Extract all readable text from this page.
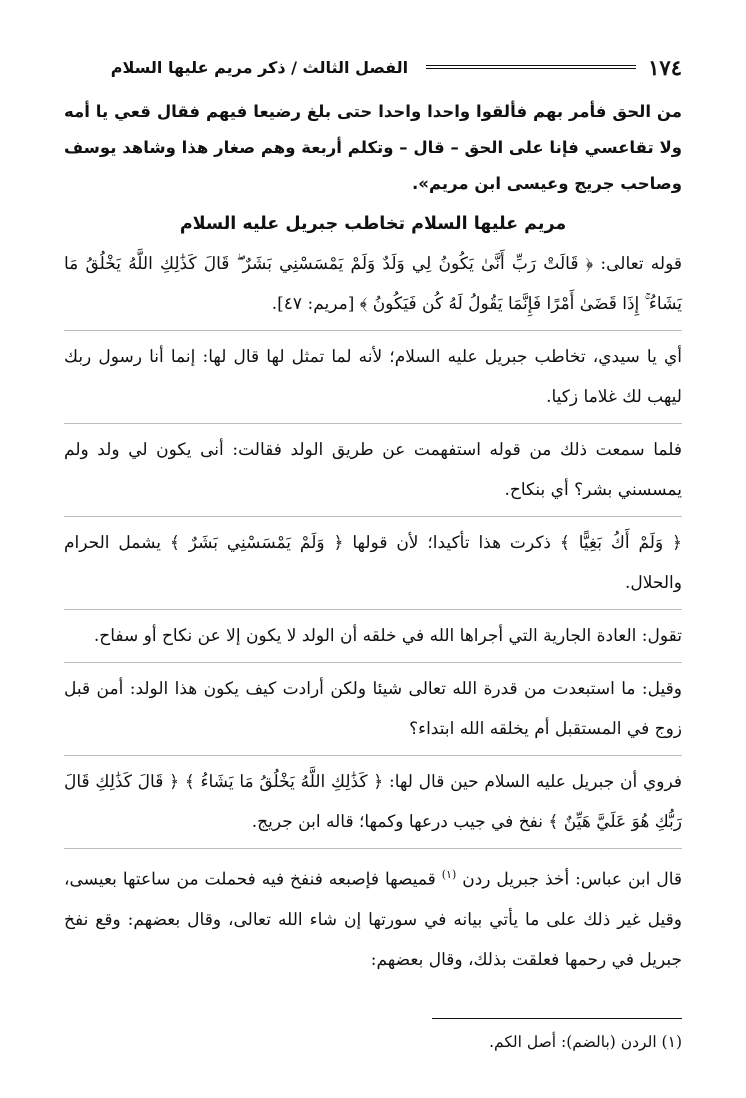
١٧٤
الفصل الثالث / ذكر مريم عليها السلام

من الحق فأمر بهم فألقوا واحدا واحدا حتى بلغ رضيعا فيهم فقال قعي يا أمه ولا تقاعسي فإنا على الحق – قال – وتكلم أربعة وهم صغار هذا وشاهد يوسف وصاحب جريج وعيسى ابن مريم».

مريم عليها السلام تخاطب جبريل عليه السلام

قوله تعالى: ﴿ قَالَتْ رَبِّ أَنَّىٰ يَكُونُ لِي وَلَدٌ وَلَمْ يَمْسَسْنِي بَشَرٌ ۖ قَالَ كَذَٰلِكِ اللَّهُ يَخْلُقُ مَا يَشَاءُ ۚ إِذَا قَضَىٰ أَمْرًا فَإِنَّمَا يَقُولُ لَهُ كُن فَيَكُونُ ﴾ [مريم: ٤٧].

أي يا سيدي، تخاطب جبريل عليه السلام؛ لأنه لما تمثل لها قال لها: إنما أنا رسول ربك ليهب لك غلاما زكيا.

فلما سمعت ذلك من قوله استفهمت عن طريق الولد فقالت: أنى يكون لي ولد ولم يمسسني بشر؟ أي بنكاح.

﴿ وَلَمْ أَكُ بَغِيًّا ﴾ ذكرت هذا تأكيدا؛ لأن قولها ﴿ وَلَمْ يَمْسَسْنِي بَشَرٌ ﴾ يشمل الحرام والحلال.

تقول: العادة الجارية التي أجراها الله في خلقه أن الولد لا يكون إلا عن نكاح أو سفاح.

وقيل: ما استبعدت من قدرة الله تعالى شيئا ولكن أرادت كيف يكون هذا الولد: أمن قبل زوج في المستقبل أم يخلقه الله ابتداء؟

فروي أن جبريل عليه السلام حين قال لها: ﴿ كَذَٰلِكِ اللَّهُ يَخْلُقُ مَا يَشَاءُ ﴾ ﴿ قَالَ كَذَٰلِكِ قَالَ رَبُّكِ هُوَ عَلَيَّ هَيِّنٌ ﴾ نفخ في جيب درعها وكمها؛ قاله ابن جريج.

قال ابن عباس: أخذ جبريل ردن $^{(١)}$ قميصها فإصبعه فنفخ فيه فحملت من ساعتها بعيسى، وقيل غير ذلك على ما يأتي بيانه في سورتها إن شاء الله تعالى، وقال بعضهم: وقع نفخ جبريل في رحمها فعلقت بذلك، وقال بعضهم:

(١) الردن (بالضم): أصل الكم.
